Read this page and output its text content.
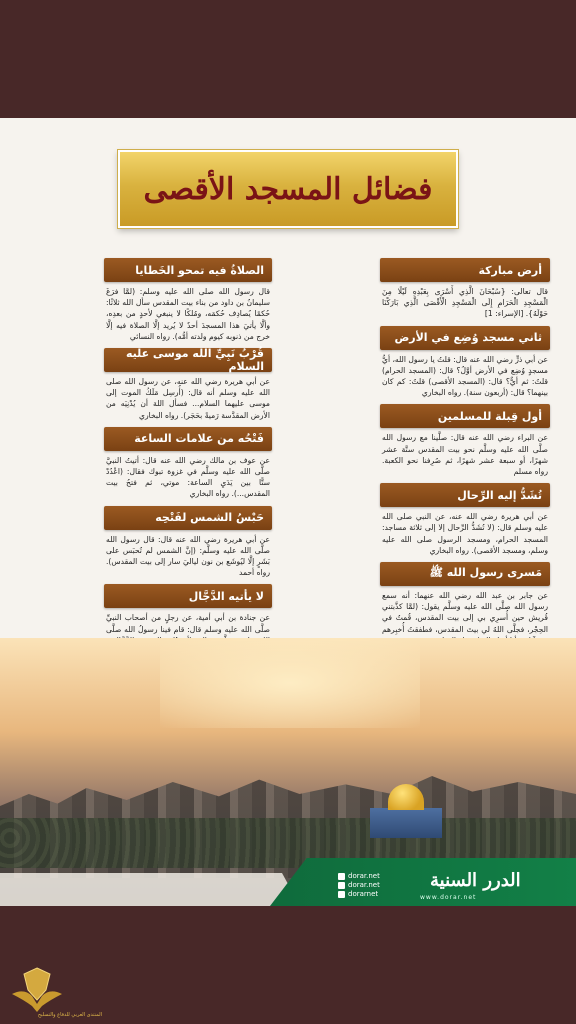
فضائل المسجد الأقصى
أرض مباركة
قال تعالى: {سُبْحَانَ الَّذِي أَسْرَى بِعَبْدِهِ لَيْلًا مِنَ الْمَسْجِدِ الْحَرَامِ إِلَى الْمَسْجِدِ الْأَقْصَى الَّذِي بَارَكْنَا حَوْلَهُ}. [الإسراء: 1]
ثاني مسجد وُضِع في الأرض
عن أبي ذرٍّ رضي الله عنه قال: قلتُ يا رسول الله، أيُّ مسجدٍ وُضِع في الأرض أوَّلُ؟ قال: (المسجد الحرام) قلتُ: ثم أيٌّ؟ قال: (المسجد الأقصى) قلتُ: كم كان بينهما؟ قال: (أربعون سنة). رواه البخاري
أول قِبلة للمسلمين
عن البراء رضي الله عنه قال: صلَّينا مع رسول الله صلَّى الله عليه وسلَّم نحو بيت المقدس ستَّة عشر شهرًا، أو سبعة عشر شهرًا، ثم صُرِفنا نحو الكعبة. رواه مسلم
تُشَدُّ إليه الرِّحال
عن أبي هريرة رضي الله عنه، عن النبي صلى الله عليه وسلم قال: (لا تُشَدُّ الرِّحال إلا إلى ثلاثة مساجد: المسجد الحرام، ومسجد الرسول صلى الله عليه وسلم، ومسجد الأقصى). رواه البخاري
مَسرى رسول الله ﷺ
عن جابر بن عبد الله رضي الله عنهما: أنه سمع رسول الله صلَّى الله عليه وسلَّم يقول: (لمَّا كذَّبتني قُريش حين أُسرِي بي إلى بيت المقدس، قُمتُ في الحِجْر، فجلَّى اللهُ لي بيتَ المقدس، فطفقتُ أُخبِرهم
الصلاةُ فيه تمحو الخَطايا
قال رسول الله صلى الله عليه وسلم: (لمَّا فرَغَ سليمانُ بن داود من بناء بيت المقدس سأل الله ثلاثًا: حُكمًا يُصادِف حُكمَه، ومُلكًا لا ينبغي لأحدٍ من بعدِه، وألَّا يأتيَ هذا المسجدَ أحدٌ لا يُريد إلَّا الصلاة فيه إلَّا خرج من ذنوبه كيوم ولدته أمُّه). رواه النسائي
قُرْبُ نَبِيِّ الله موسى عليه السلام
عن أبي هريرة رضي الله عنه، عن رسول الله صلى الله عليه وسلم أنه قال: (أُرسِل مَلَكُ الموت إلى موسى عليهما السلام... فسأل اللهَ أن يُدْنِيَه من الأرض المقدَّسة رَميةً بحَجَر). رواه البخاري
فَتْحُه من علامات الساعة
عن عوف بن مالك رضي الله عنه قال: أتيتُ النبيَّ صلَّى الله عليه وسلَّم في غزوة تبوك فقال: (اعْدُدْ ستًّا بين يَدَيِ الساعة: موتي، ثم فتحُ بيت المقدس...). رواه البخاري
حَبْسُ الشمس لفَتْحِه
عن أبي هريرة رضي الله عنه قال: قال رسول الله صلَّى الله عليه وسلَّم: (إنَّ الشمس لم تُحبَس على بَشَرٍ إلَّا ليُوشَع بن نون لياليَ سار إلى بيت المقدس). رواه أحمد
لا يأتيه الدَّجَّال
عن جنادة بن أبي أمية، عن رجلٍ من أصحاب النبيِّ صلَّى الله عليه وسلم قال: قام فينا رسولُ الله صلَّى
الدرر السنية
www.dorar.net
dorar.net
dorar.net
dorarnet
المنتدى العربي للدفاع والتسليح
